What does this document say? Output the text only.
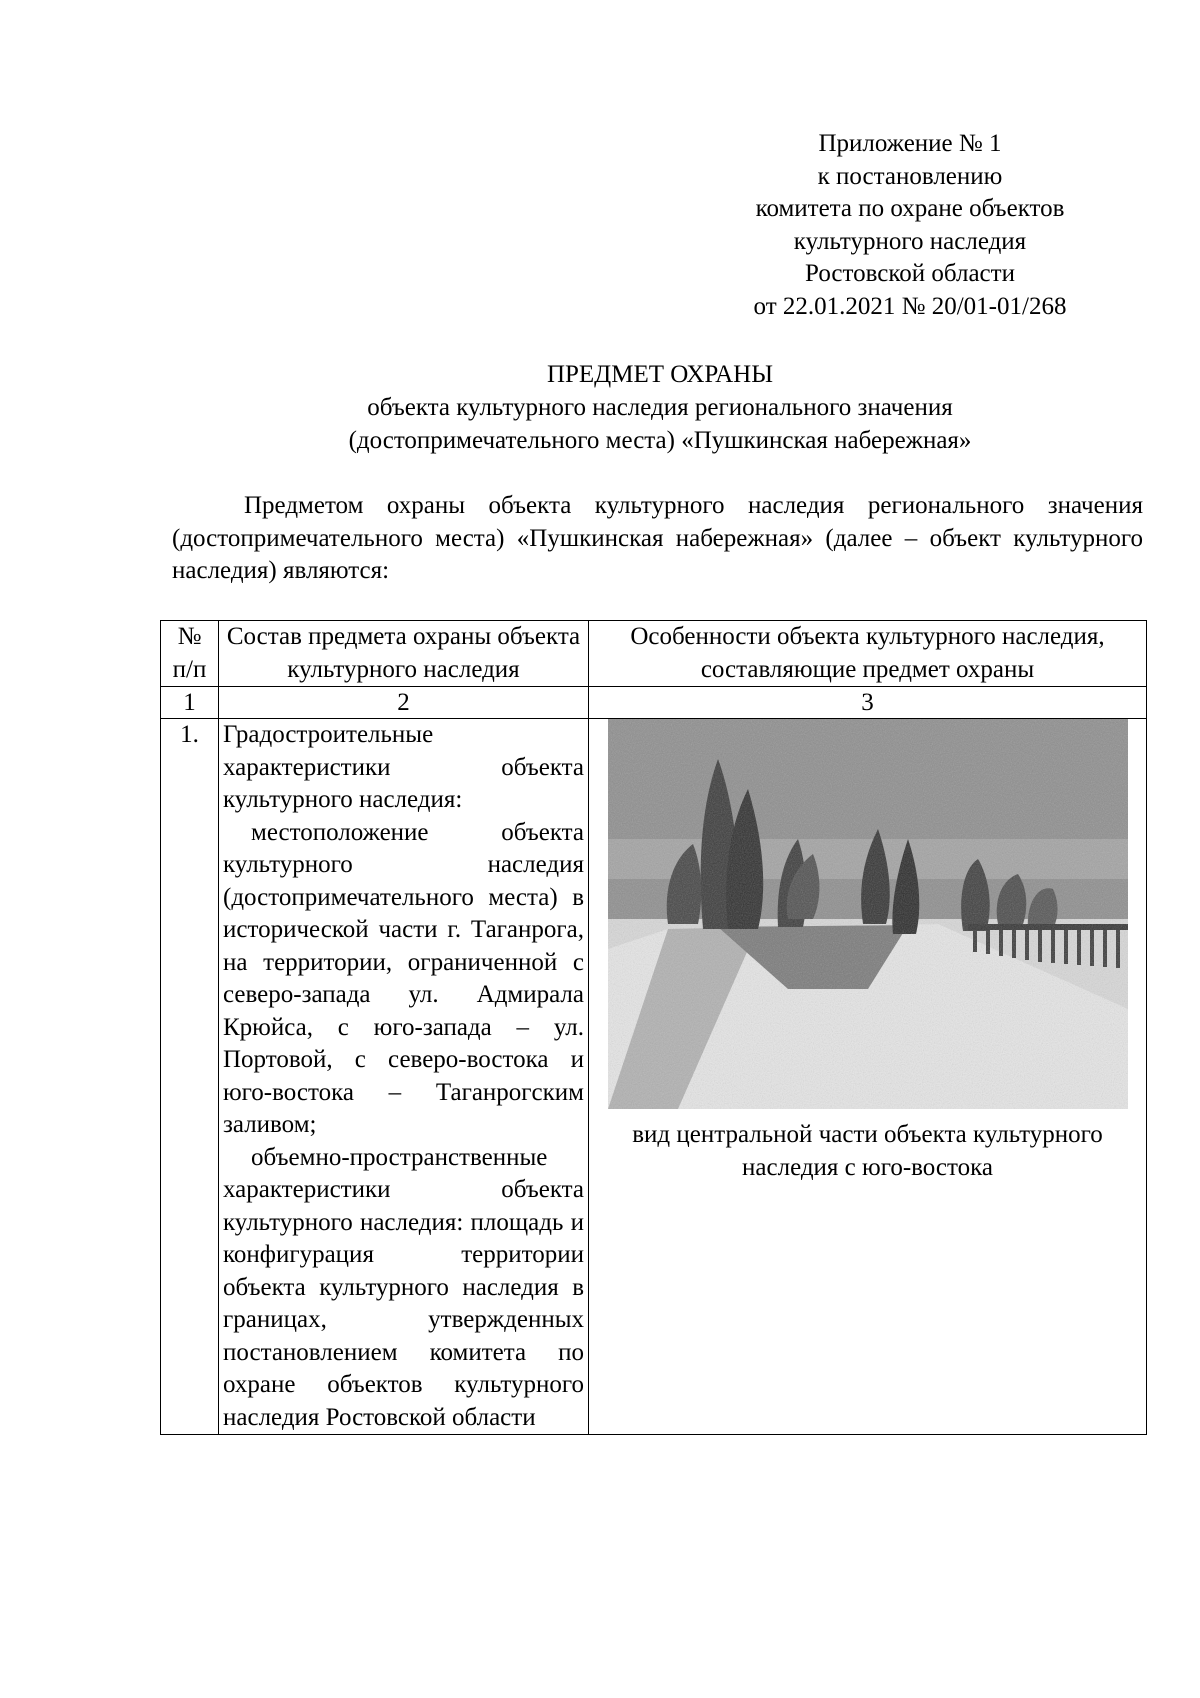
Приложение № 1
к постановлению
комитета по охране объектов
культурного наследия
Ростовской области
от 22.01.2021 № 20/01-01/268
ПРЕДМЕТ ОХРАНЫ
объекта культурного наследия регионального значения
(достопримечательного места) «Пушкинская набережная»

Предметом охраны объекта культурного наследия регионального значения (достопримечательного места) «Пушкинская набережная» (далее – объект культурного наследия) являются:

№ п/п	Состав предмета охраны объекта культурного наследия	Особенности объекта культурного наследия, составляющие предмет охраны
1	2	3
1.	Градостроительные характеристики объекта культурного наследия:
местоположение объекта культурного наследия (достопримечательного места) в исторической части г. Таганрога, на территории, ограниченной с северо-запада ул. Адмирала Крюйса, с юго-запада – ул. Портовой, с северо-востока и юго-востока – Таганрогским заливом;
объемно-пространственные характеристики объекта культурного наследия: площадь и конфигурация территории объекта культурного наследия в границах, утвержденных постановлением комитета по охране объектов культурного наследия Ростовской области	вид центральной части объекта культурного наследия с юго-востока
